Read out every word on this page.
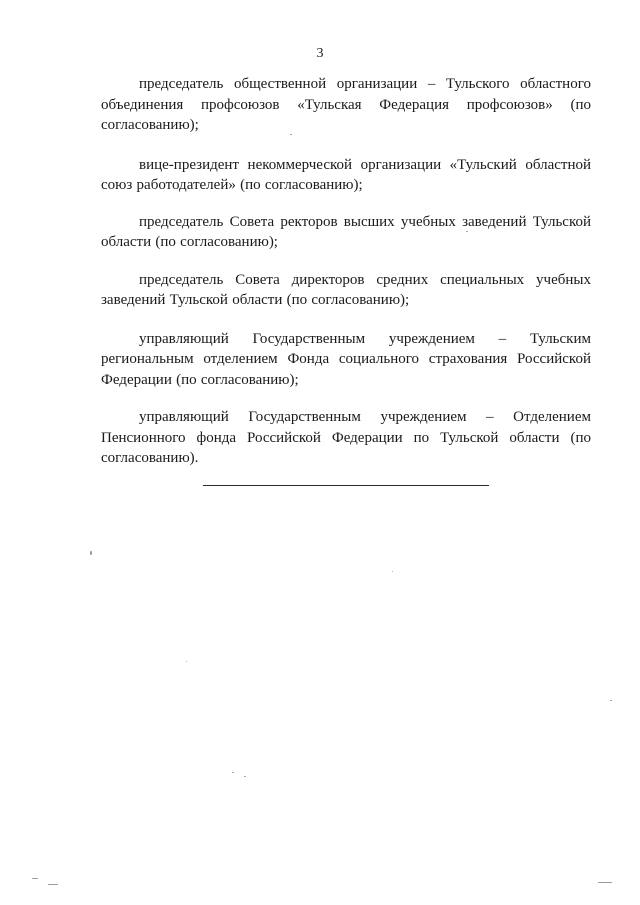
3

председатель общественной организации – Тульского областного объединения профсоюзов «Тульская Федерация профсоюзов» (по согласованию);

вице-президент некоммерческой организации «Тульский областной союз работодателей» (по согласованию);

председатель Совета ректоров высших учебных заведений Тульской области (по согласованию);

председатель Совета директоров средних специальных учебных заведений Тульской области (по согласованию);

управляющий Государственным учреждением – Тульским региональным отделением Фонда социального страхования Российской Федерации (по согласованию);

управляющий Государственным учреждением – Отделением Пенсионного фонда Российской Федерации по Тульской области (по согласованию).
